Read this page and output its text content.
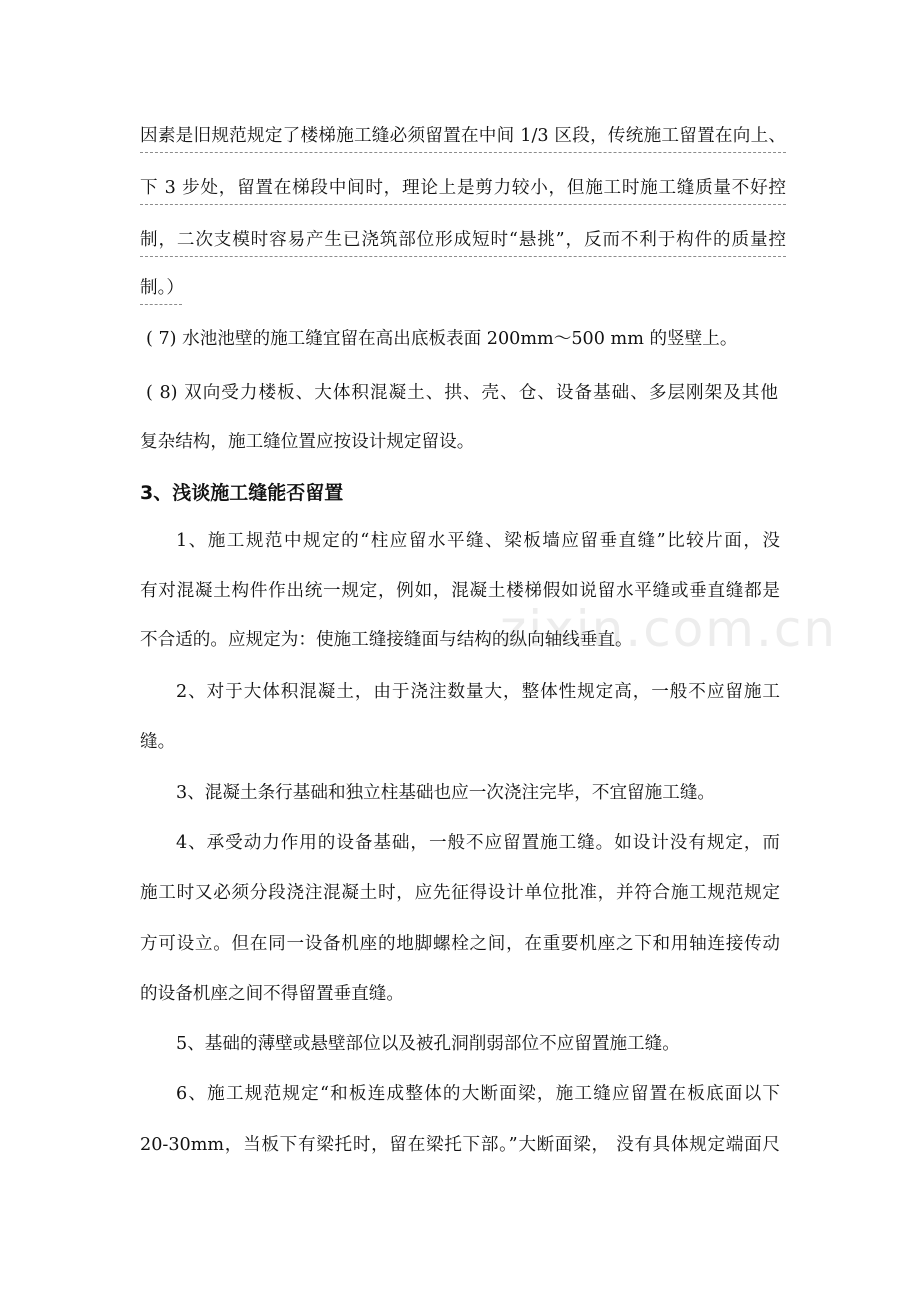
zixin.com.cn
因素是旧规范规定了楼梯施工缝必须留置在中间 1/3 区段，传统施工留置在向上、
下 3 步处，留置在梯段中间时，理论上是剪力较小，但施工时施工缝质量不好控
制，二次支模时容易产生已浇筑部位形成短时“悬挑”，反而不利于构件的质量控
制。）
( 7) 水池池壁的施工缝宜留在高出底板表面 200mm～500 mm 的竖壁上。
( 8) 双向受力楼板、大体积混凝土、拱、壳、仓、设备基础、多层刚架及其他
复杂结构，施工缝位置应按设计规定留设。
3、浅谈施工缝能否留置
1、施工规范中规定的“柱应留水平缝、梁板墙应留垂直缝”比较片面，没
有对混凝土构件作出统一规定，例如，混凝土楼梯假如说留水平缝或垂直缝都是
不合适的。应规定为：使施工缝接缝面与结构的纵向轴线垂直。
2、对于大体积混凝土，由于浇注数量大，整体性规定高，一般不应留施工
缝。
3、混凝土条行基础和独立柱基础也应一次浇注完毕，不宜留施工缝。
4、承受动力作用的设备基础，一般不应留置施工缝。如设计没有规定，而
施工时又必须分段浇注混凝土时，应先征得设计单位批准，并符合施工规范规定
方可设立。但在同一设备机座的地脚螺栓之间，在重要机座之下和用轴连接传动
的设备机座之间不得留置垂直缝。
5、基础的薄壁或悬壁部位以及被孔洞削弱部位不应留置施工缝。
6、施工规范规定“和板连成整体的大断面梁，施工缝应留置在板底面以下
20-30mm，当板下有梁托时，留在梁托下部。”大断面梁， 没有具体规定端面尺
